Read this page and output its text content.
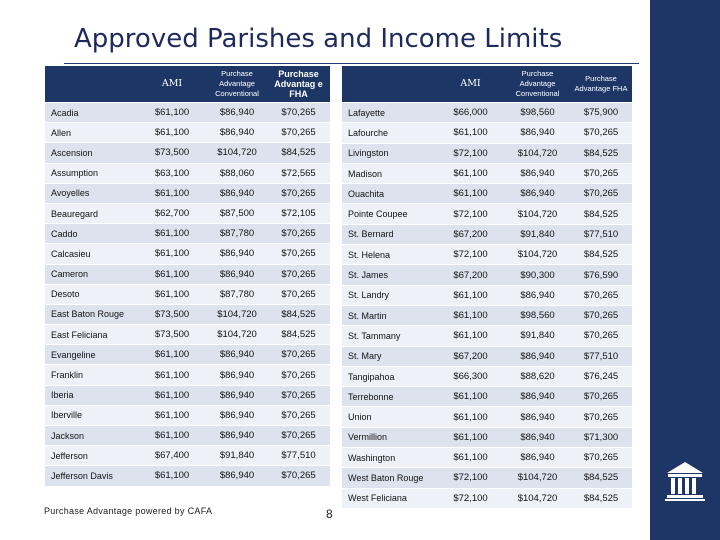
Approved Parishes and Income Limits
	AMI	Purchase Advantage Conventional	Purchase Advantag e FHA
Acadia	$61,100	$86,940	$70,265
Allen	$61,100	$86,940	$70,265
Ascension	$73,500	$104,720	$84,525
Assumption	$63,100	$88,060	$72,565
Avoyelles	$61,100	$86,940	$70,265
Beauregard	$62,700	$87,500	$72,105
Caddo	$61,100	$87,780	$70,265
Calcasieu	$61,100	$86,940	$70,265
Cameron	$61,100	$86,940	$70,265
Desoto	$61,100	$87,780	$70,265
East Baton Rouge	$73,500	$104,720	$84,525
East Feliciana	$73,500	$104,720	$84,525
Evangeline	$61,100	$86,940	$70,265
Franklin	$61,100	$86,940	$70,265
Iberia	$61,100	$86,940	$70,265
Iberville	$61,100	$86,940	$70,265
Jackson	$61,100	$86,940	$70,265
Jefferson	$67,400	$91,840	$77,510
Jefferson Davis	$61,100	$86,940	$70,265
	AMI	Purchase Advantage Conventional	Purchase Advantage FHA
Lafayette	$66,000	$98,560	$75,900
Lafourche	$61,100	$86,940	$70,265
Livingston	$72,100	$104,720	$84,525
Madison	$61,100	$86,940	$70,265
Ouachita	$61,100	$86,940	$70,265
Pointe Coupee	$72,100	$104,720	$84,525
St. Bernard	$67,200	$91,840	$77,510
St. Helena	$72,100	$104,720	$84,525
St. James	$67,200	$90,300	$76,590
St. Landry	$61,100	$86,940	$70,265
St. Martin	$61,100	$98,560	$70,265
St. Tammany	$61,100	$91,840	$70,265
St. Mary	$67,200	$86,940	$77,510
Tangipahoa	$66,300	$88,620	$76,245
Terrebonne	$61,100	$86,940	$70,265
Union	$61,100	$86,940	$70,265
Vermillion	$61,100	$86,940	$71,300
Washington	$61,100	$86,940	$70,265
West Baton Rouge	$72,100	$104,720	$84,525
West Feliciana	$72,100	$104,720	$84,525
Purchase Advantage powered by CAFA	8
